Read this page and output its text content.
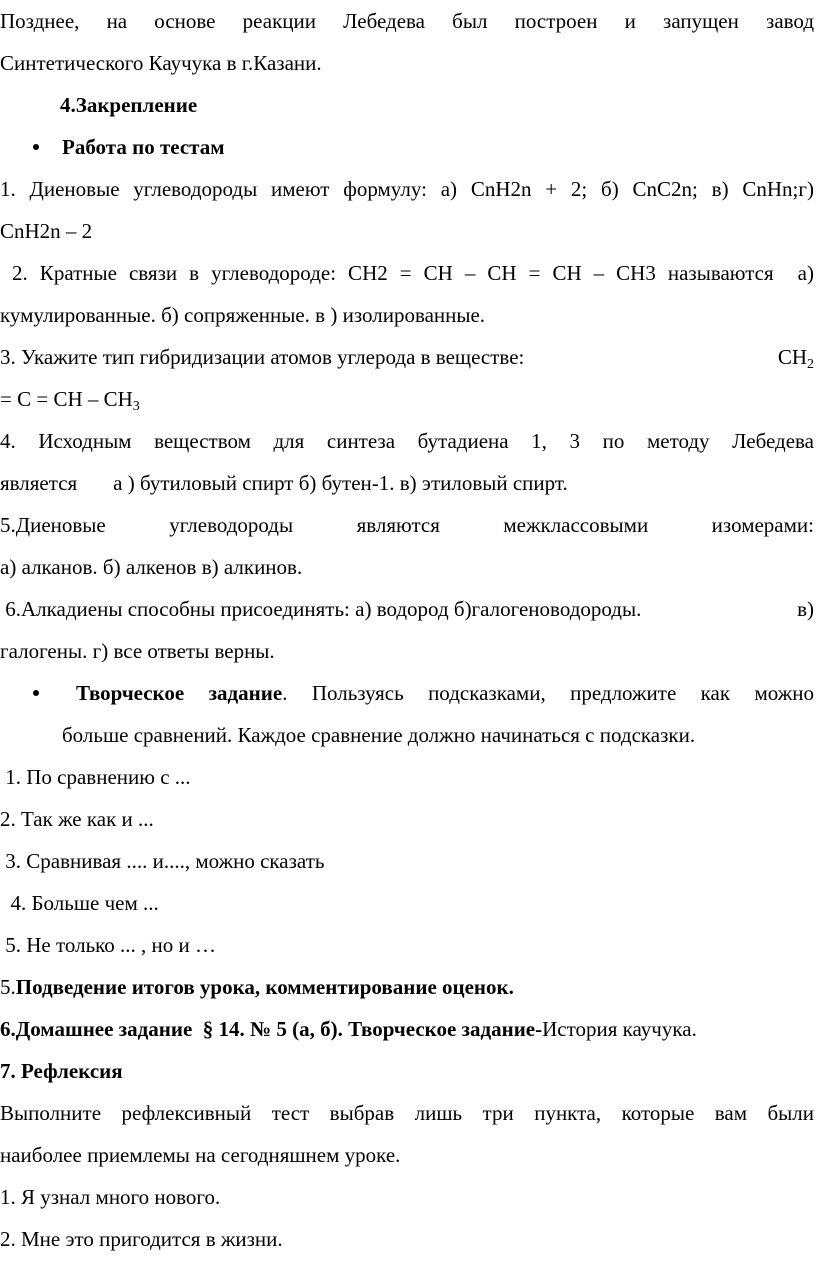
Позднее, на основе реакции Лебедева был построен и запущен завод

Синтетического Каучука в г.Казани.

4.Закрепление

Работа по тестам

1. Диеновые углеводороды имеют формулу: а) CnH2n + 2; б) CnC2n; в) CnHn;г)

CnH2n – 2

2. Кратные связи в углеводороде: CH2 = CH – CH = CH – CH3 называются  а)

кумулированные. б) сопряженные. в ) изолированные.

3. Укажите тип гибридизации атомов углерода в веществе:	$CH_2$

= C = CH – $CH_3$

4. Исходным веществом для синтеза бутадиена 1, 3 по методу Лебедева

является а ) бутиловый спирт б) бутен-1. в) этиловый спирт.

5.Диеновые углеводороды являются межклассовыми изомерами:

а) алканов. б) алкенов в) алкинов.

6.Алкадиены способны присоединять: а) водород б)галогеноводороды.	в)

галогены. г) все ответы верны.

Творческое задание. Пользуясь подсказками, предложите как можно

больше сравнений. Каждое сравнение должно начинаться с подсказки.

1. По сравнению с ...

2. Так же как и ...

3. Сравнивая .... и...., можно сказать

4. Больше чем ...

5. Не только ... , но и …

5.Подведение итогов урока, комментирование оценок.

6.Домашнее задание  § 14. № 5 (а, б). Творческое задание-История каучука.

7. Рефлексия

Выполните рефлексивный тест выбрав лишь три пункта, которые вам были

наиболее приемлемы на сегодняшнем уроке.

1. Я узнал много нового.

2. Мне это пригодится в жизни.
